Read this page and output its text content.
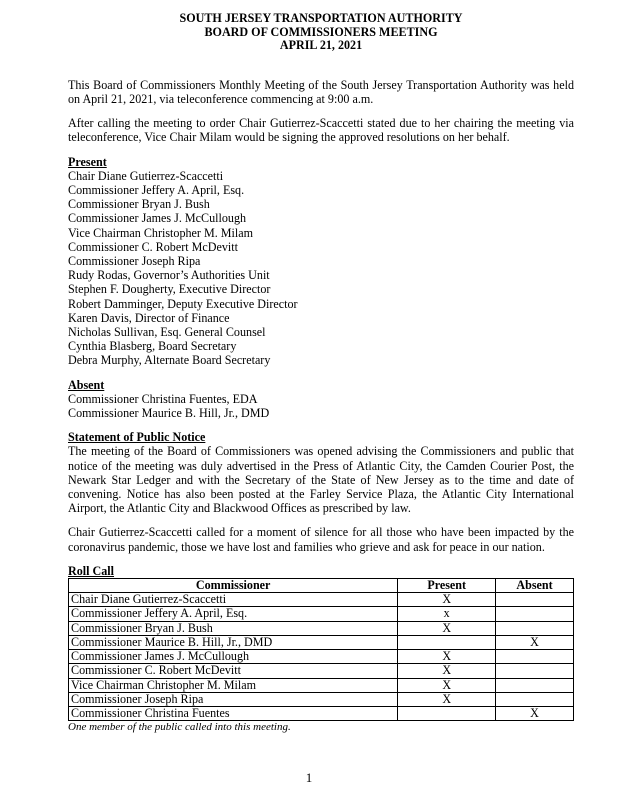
SOUTH JERSEY TRANSPORTATION AUTHORITY
BOARD OF COMMISSIONERS MEETING
APRIL 21, 2021

This Board of Commissioners Monthly Meeting of the South Jersey Transportation Authority was held on April 21, 2021, via teleconference commencing at 9:00 a.m.

After calling the meeting to order Chair Gutierrez-Scaccetti stated due to her chairing the meeting via teleconference, Vice Chair Milam would be signing the approved resolutions on her behalf.

Present
Chair Diane Gutierrez-Scaccetti
Commissioner Jeffery A. April, Esq.
Commissioner Bryan J. Bush
Commissioner James J. McCullough
Vice Chairman Christopher M. Milam
Commissioner C. Robert McDevitt
Commissioner Joseph Ripa
Rudy Rodas, Governor’s Authorities Unit
Stephen F. Dougherty, Executive Director
Robert Damminger, Deputy Executive Director
Karen Davis, Director of Finance
Nicholas Sullivan, Esq. General Counsel
Cynthia Blasberg, Board Secretary
Debra Murphy, Alternate Board Secretary
Absent
Commissioner Christina Fuentes, EDA
Commissioner Maurice B. Hill, Jr., DMD
Statement of Public Notice

The meeting of the Board of Commissioners was opened advising the Commissioners and public that notice of the meeting was duly advertised in the Press of Atlantic City, the Camden Courier Post, the Newark Star Ledger and with the Secretary of the State of New Jersey as to the time and date of convening. Notice has also been posted at the Farley Service Plaza, the Atlantic City International Airport, the Atlantic City and Blackwood Offices as prescribed by law.

Chair Gutierrez-Scaccetti called for a moment of silence for all those who have been impacted by the coronavirus pandemic, those we have lost and families who grieve and ask for peace in our nation.

Roll Call
Commissioner	Present	Absent
Chair Diane Gutierrez-Scaccetti	X	
Commissioner Jeffery A. April, Esq.	x	
Commissioner Bryan J. Bush	X	
Commissioner Maurice B. Hill, Jr., DMD		X
Commissioner James J. McCullough	X	
Commissioner C. Robert McDevitt	X	
Vice Chairman Christopher M. Milam	X	
Commissioner Joseph Ripa	X	
Commissioner Christina Fuentes		X
One member of the public called into this meeting.
1
